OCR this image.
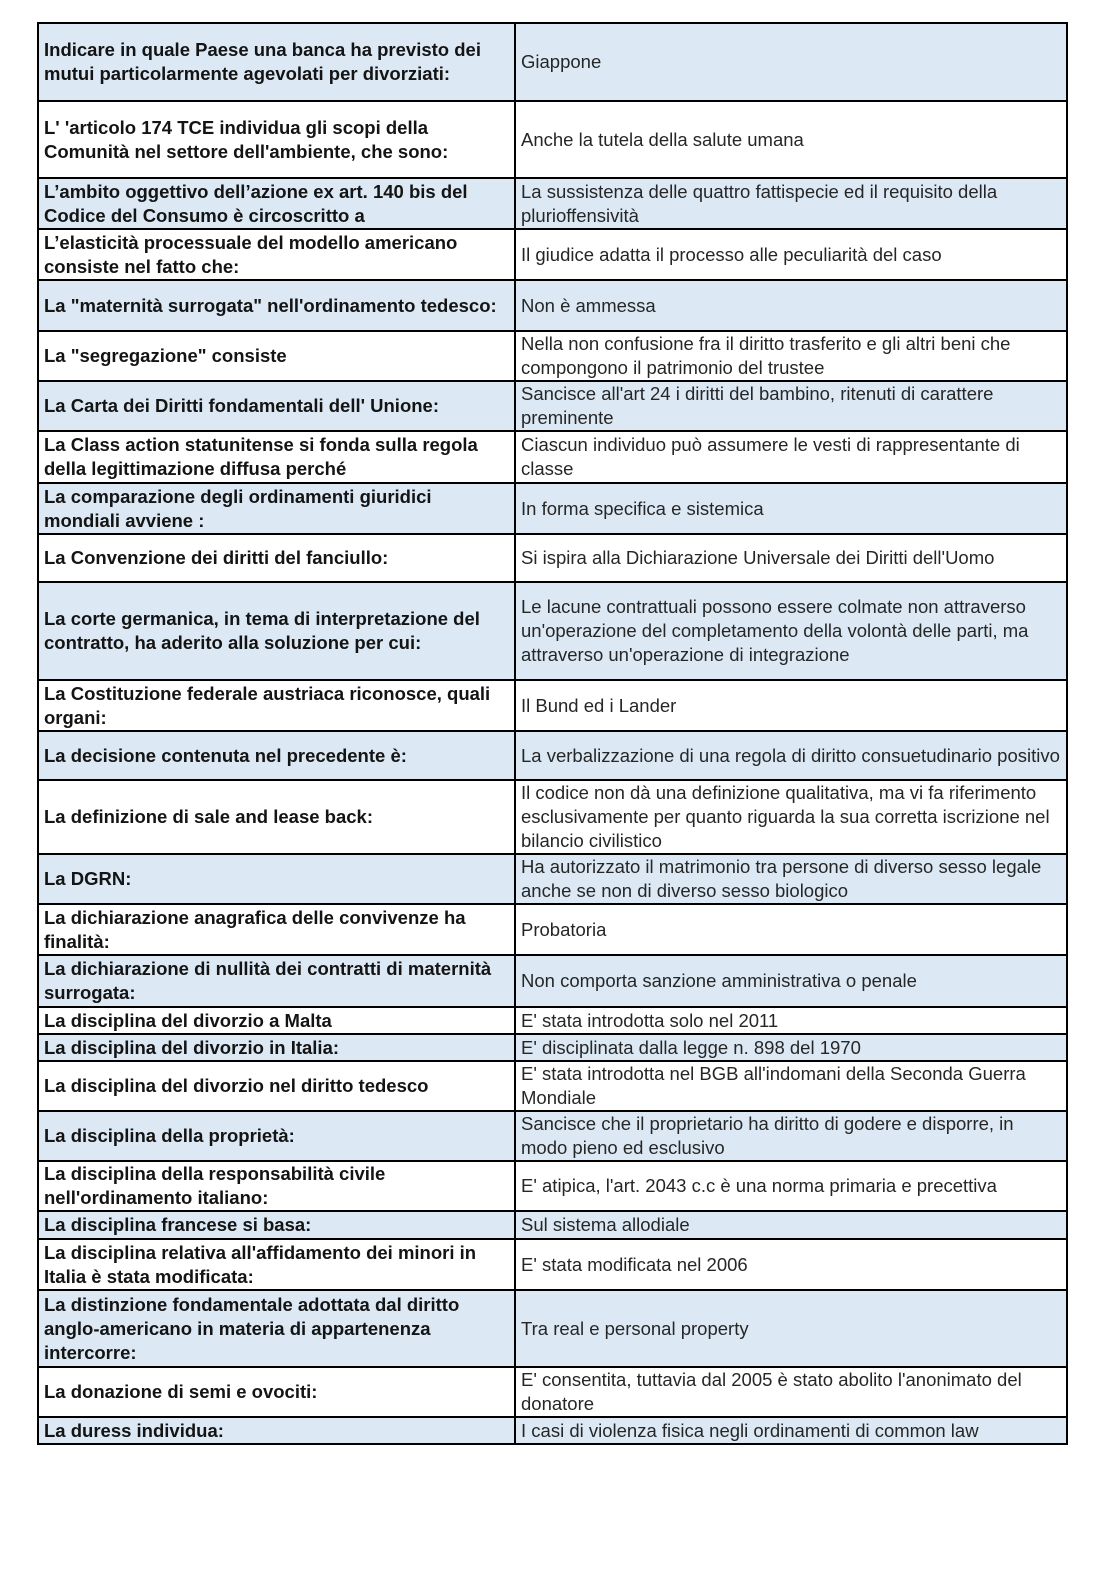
Indicare in quale Paese una banca ha previsto dei mutui particolarmente agevolati per divorziati:	Giappone
L' 'articolo 174 TCE individua gli scopi della Comunità nel settore dell'ambiente, che sono:	Anche la tutela della salute umana
L’ambito oggettivo dell’azione ex art. 140 bis del Codice del Consumo è circoscritto a	La sussistenza delle quattro fattispecie ed il requisito della plurioffensività
L’elasticità processuale del modello americano consiste nel fatto che:	Il giudice adatta il processo alle peculiarità del caso
La "maternità surrogata" nell'ordinamento tedesco:	Non è ammessa
La "segregazione" consiste	Nella non confusione fra il diritto trasferito e gli altri beni che compongono il patrimonio del trustee
La Carta dei Diritti fondamentali dell' Unione:	Sancisce all'art 24 i diritti del bambino, ritenuti di carattere preminente
La Class action statunitense si fonda sulla regola della legittimazione diffusa perché	Ciascun individuo può assumere le vesti di rappresentante di classe
La comparazione degli ordinamenti giuridici mondiali avviene :	In forma specifica e sistemica
La Convenzione dei diritti del fanciullo:	Si ispira alla Dichiarazione Universale dei Diritti dell'Uomo
La corte germanica, in tema di interpretazione del contratto, ha aderito alla soluzione per cui:	Le lacune contrattuali possono essere colmate non attraverso un'operazione del completamento della volontà delle parti, ma attraverso un'operazione di integrazione
La Costituzione federale austriaca riconosce, quali organi:	Il Bund ed i Lander
La decisione contenuta nel precedente è:	La verbalizzazione di una regola di diritto consuetudinario positivo
La definizione di sale and lease back:	Il codice non dà una definizione qualitativa, ma vi fa riferimento esclusivamente per quanto riguarda la sua corretta iscrizione nel bilancio civilistico
La DGRN:	Ha autorizzato il matrimonio tra persone di diverso sesso legale anche se non di diverso sesso biologico
La dichiarazione anagrafica delle convivenze ha finalità:	Probatoria
La dichiarazione di nullità dei contratti di maternità surrogata:	Non comporta sanzione amministrativa o penale
La disciplina del divorzio a Malta	E' stata introdotta solo nel 2011
La disciplina del divorzio in Italia:	E' disciplinata dalla legge n. 898 del 1970
La disciplina del divorzio nel diritto tedesco	E' stata introdotta nel BGB all'indomani della Seconda Guerra Mondiale
La disciplina della proprietà:	Sancisce che il proprietario ha diritto di godere e disporre, in modo pieno ed esclusivo
La disciplina della responsabilità civile nell'ordinamento italiano:	E' atipica, l'art. 2043 c.c è una norma primaria e precettiva
La disciplina francese si basa:	Sul sistema allodiale
La disciplina relativa all'affidamento dei minori in Italia è stata modificata:	E' stata modificata nel 2006
La distinzione fondamentale adottata dal diritto anglo-americano in materia di appartenenza intercorre:	Tra real e personal property
La donazione di semi e ovociti:	E' consentita, tuttavia dal 2005 è stato abolito l'anonimato del donatore
La duress individua:	I casi di violenza fisica negli ordinamenti di common law
